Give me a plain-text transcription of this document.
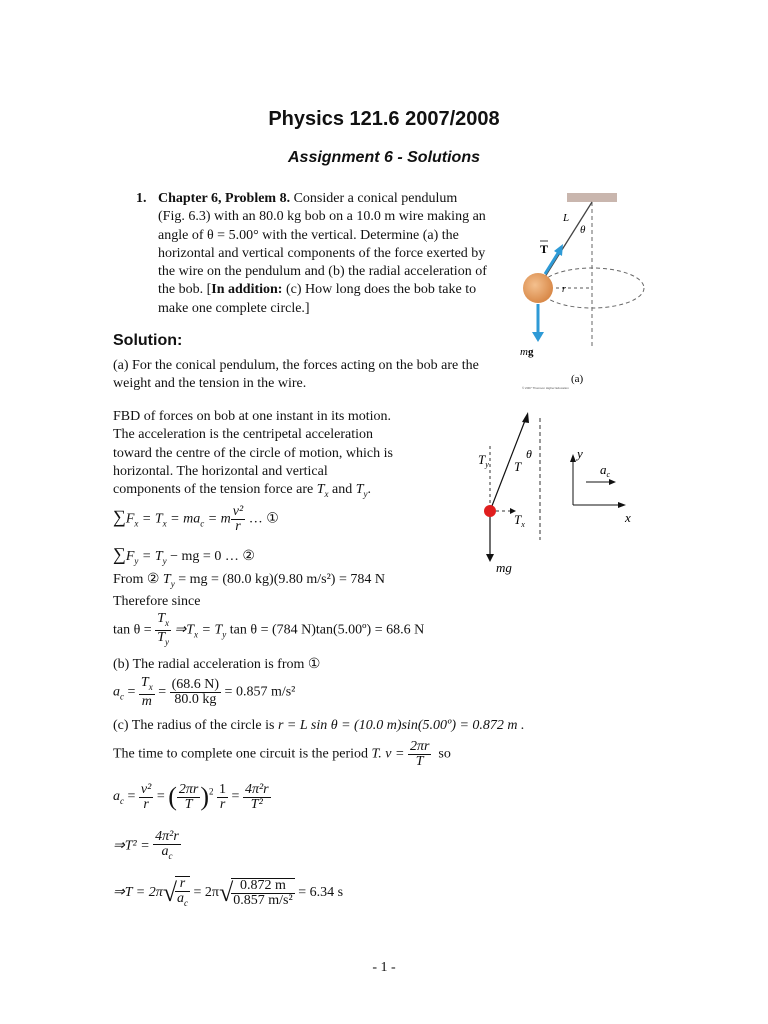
Physics 121.6 2007/2008
Assignment 6 - Solutions
1. Chapter 6, Problem 8. Consider a conical pendulum
(Fig. 6.3) with an 80.0 kg bob on a 10.0 m wire making an
angle of θ = 5.00° with the vertical. Determine (a) the
horizontal and vertical components of the force exerted by
the wire on the pendulum and (b) the radial acceleration of
the bob. [In addition: (c) How long does the bob take to
make one complete circle.]
L
θ
T
r
mg
(a)
© 2007 Thomson Higher Education
Solution:
(a) For the conical pendulum, the forces acting on the bob are the
weight and the tension in the wire.
FBD of forces on bob at one instant in its motion.
The acceleration is the centripetal acceleration
toward the centre of the circle of motion, which is
horizontal. The horizontal and vertical
components of the tension force are $T_x$ and $T_y$.
$\sum F_x = T_x = ma_c = m \frac{\text{v²}}{r}$ … ①
$\sum F_y = T_y$ − mg = 0 … ②
From ② $T_y$ = mg = (80.0 kg)(9.80 m/s²) = 784 N
Therefore since
$\tan \theta = \frac{T_x}{T_y}$ $\Rightarrow T_x = T_y$ tan θ = (784 N)tan(5.00º) = 68.6 N
(b) The radial acceleration is from ①
$a_c = \frac{T_x}{m} = \frac{(68.6 N)}{80.0 kg} = 0.857$ m/s²
(c) The radius of the circle is r = L sin θ = (10.0 m)sin(5.00º) = 0.872 m .
The time to complete one circuit is the period T. $v = \frac{2\pi r}{T}$ so
$a_c = \frac{\text{v²}}{r}$ = ( $\frac{2\pi r}{T} )^2 \frac{1}{r} = \frac{\text{4π²r}}{\text{T²}}$
⇒T² = $\frac{\text{4π²r}}{a_c}$
⇒T = 2π√
$\frac{r}{a_c} = 2\pi√$
$\frac{0.872 m}{\text{0.857 m/s²}} = 6.34$ s
$T_y$ T
θ
$T_x$
mg
y
$a_c$
x
- 1 -
